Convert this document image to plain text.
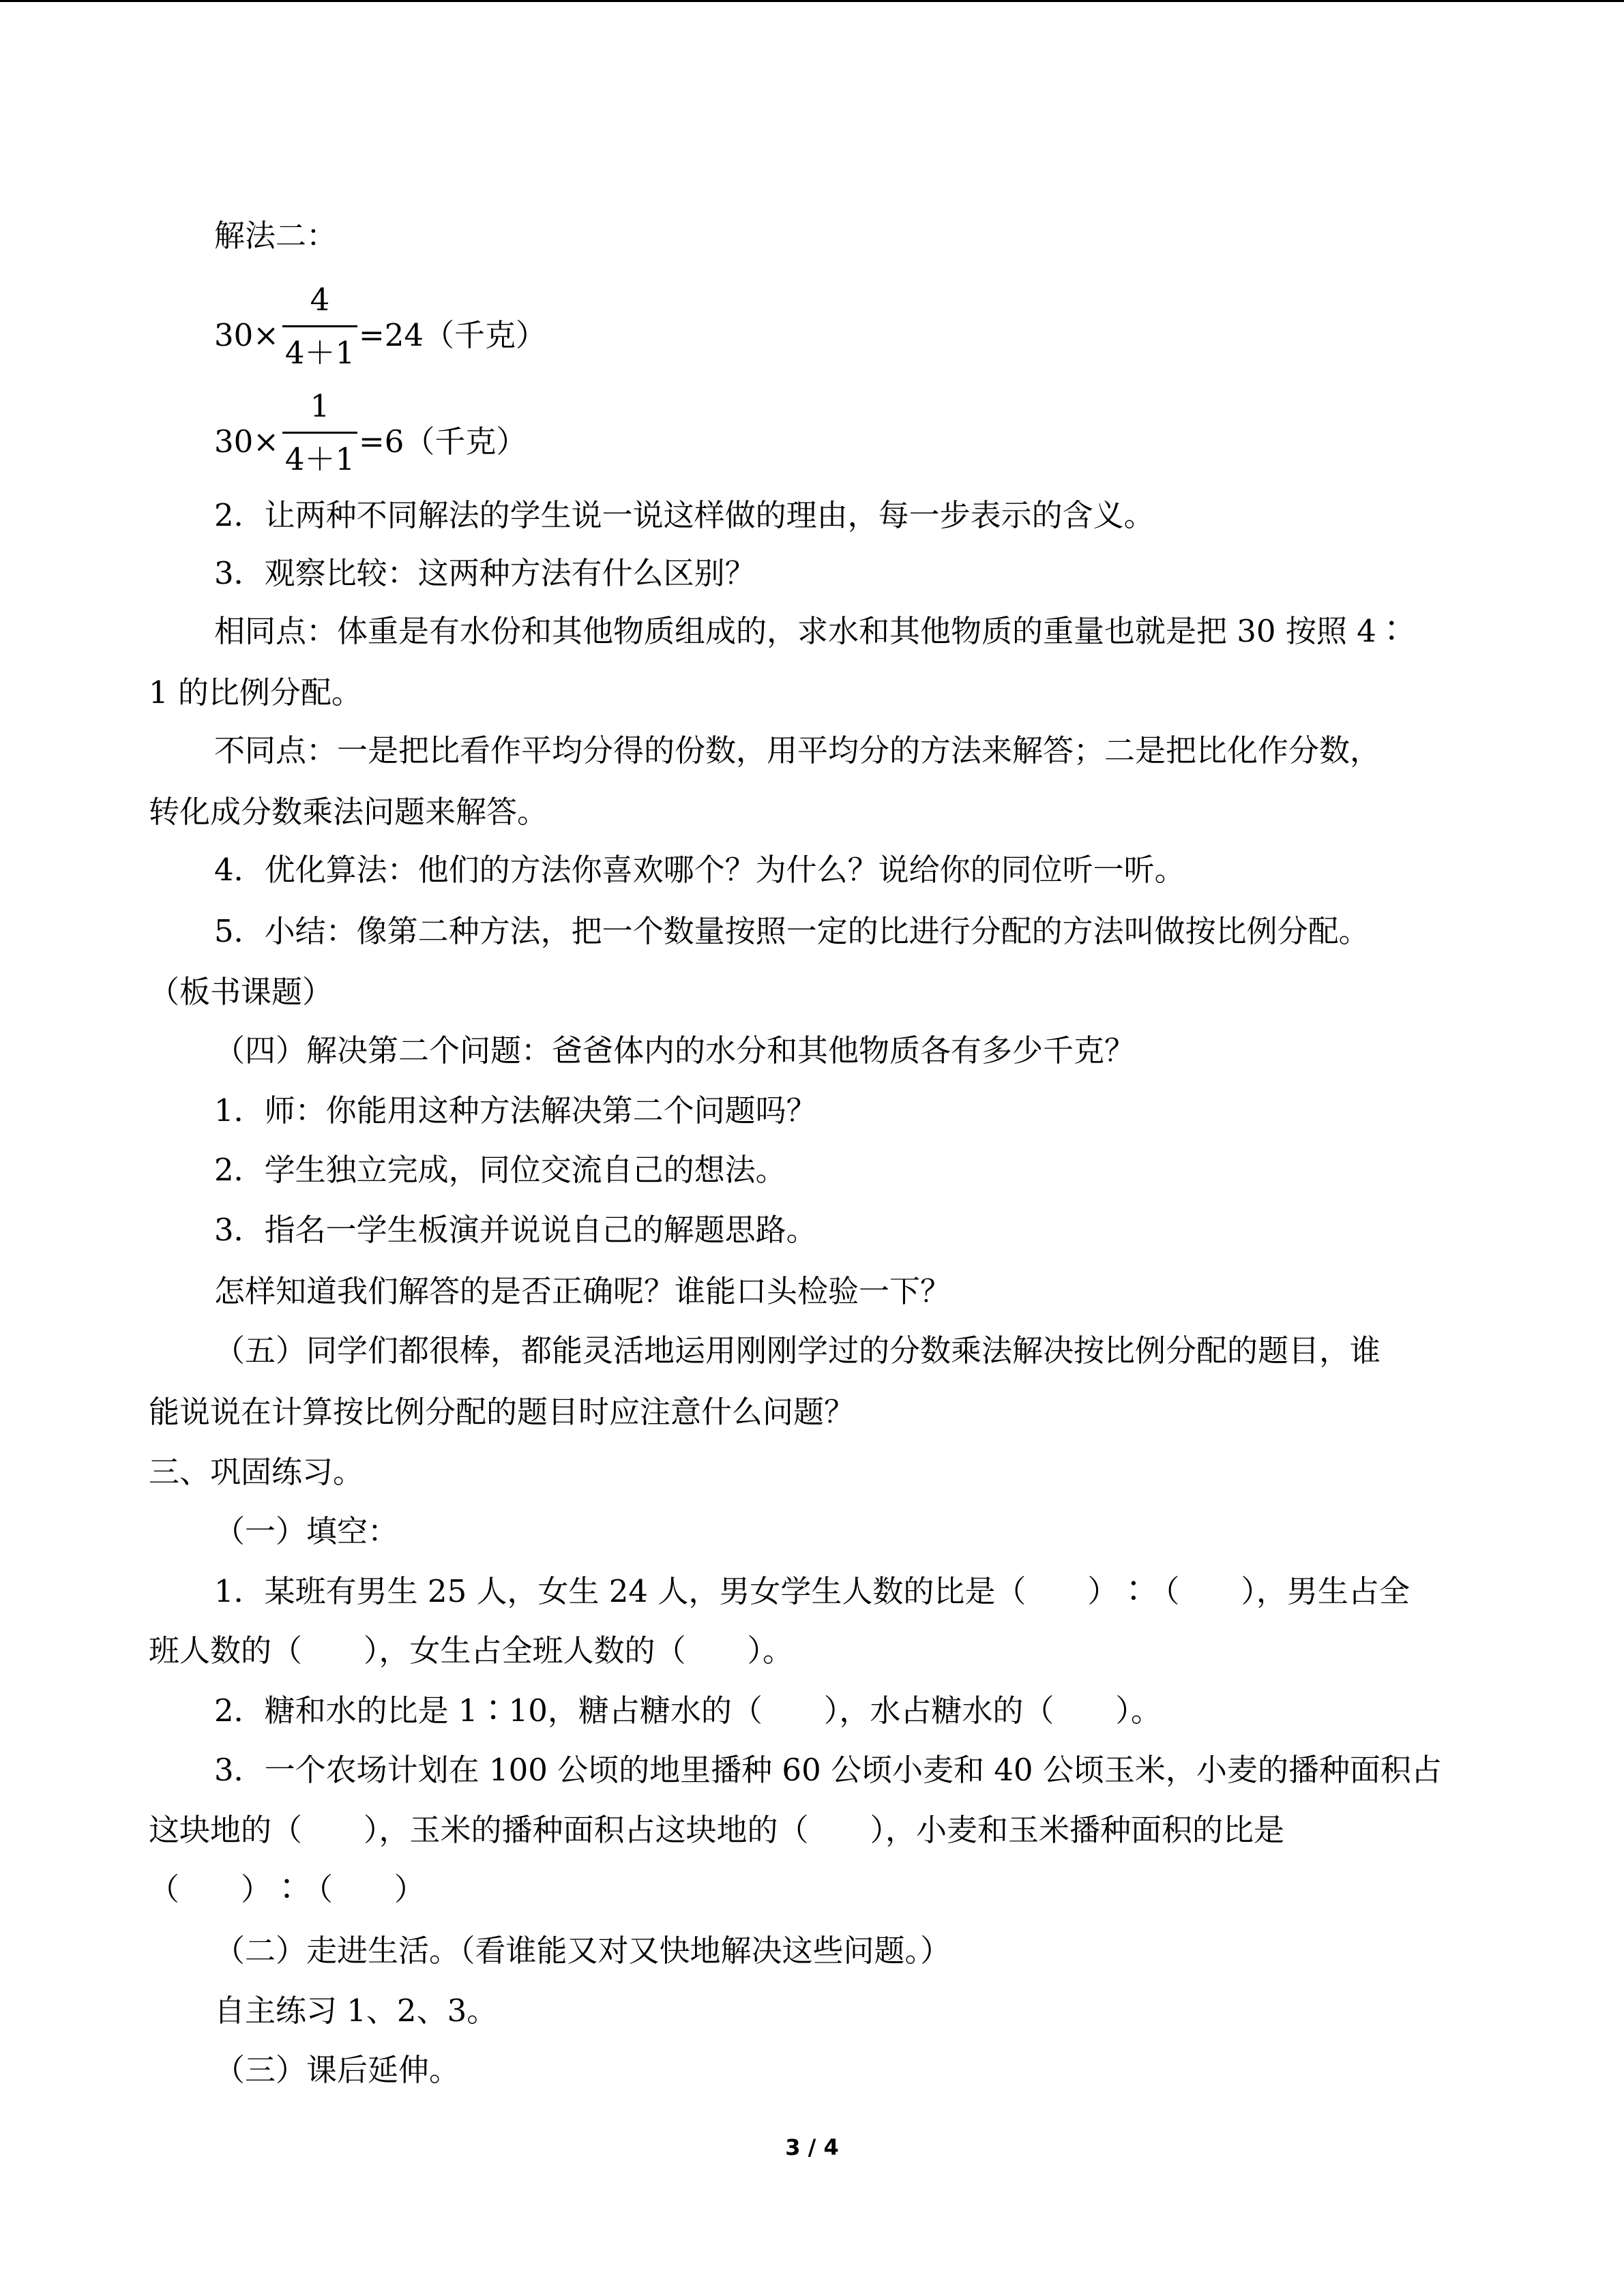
解法二：
30×
4
4＋1 =24（千克）
30×
1
4＋1 =6（千克）
2．让两种不同解法的学生说一说这样做的理由，每一步表示的含义。
3．观察比较：这两种方法有什么区别？
相同点：体重是有水份和其他物质组成的，求水和其他物质的重量也就是把 30 按照 4∶
1 的比例分配。
不同点：一是把比看作平均分得的份数，用平均分的方法来解答；二是把比化作分数，
转化成分数乘法问题来解答。
4．优化算法：他们的方法你喜欢哪个？为什么？说给你的同位听一听。
5．小结：像第二种方法，把一个数量按照一定的比进行分配的方法叫做按比例分配。
（板书课题）
（四）解决第二个问题：爸爸体内的水分和其他物质各有多少千克？
1．师：你能用这种方法解决第二个问题吗？
2．学生独立完成，同位交流自己的想法。
3．指名一学生板演并说说自己的解题思路。
怎样知道我们解答的是否正确呢？谁能口头检验一下？
（五）同学们都很棒，都能灵活地运用刚刚学过的分数乘法解决按比例分配的题目，谁
能说说在计算按比例分配的题目时应注意什么问题？
三、巩固练习。
（一）填空：
1．某班有男生 25 人，女生 24 人，男女学生人数的比是（　　）∶（　　），男生占全
班人数的（　　），女生占全班人数的（　　）。
2．糖和水的比是 1∶10，糖占糖水的（　　），水占糖水的（　　）。
3．一个农场计划在 100 公顷的地里播种 60 公顷小麦和 40 公顷玉米，小麦的播种面积占
这块地的（　　），玉米的播种面积占这块地的（　　），小麦和玉米播种面积的比是
（　　）∶（　　）
（二）走进生活。（看谁能又对又快地解决这些问题。）
自主练习 1、2、3。
（三）课后延伸。
3 / 4
